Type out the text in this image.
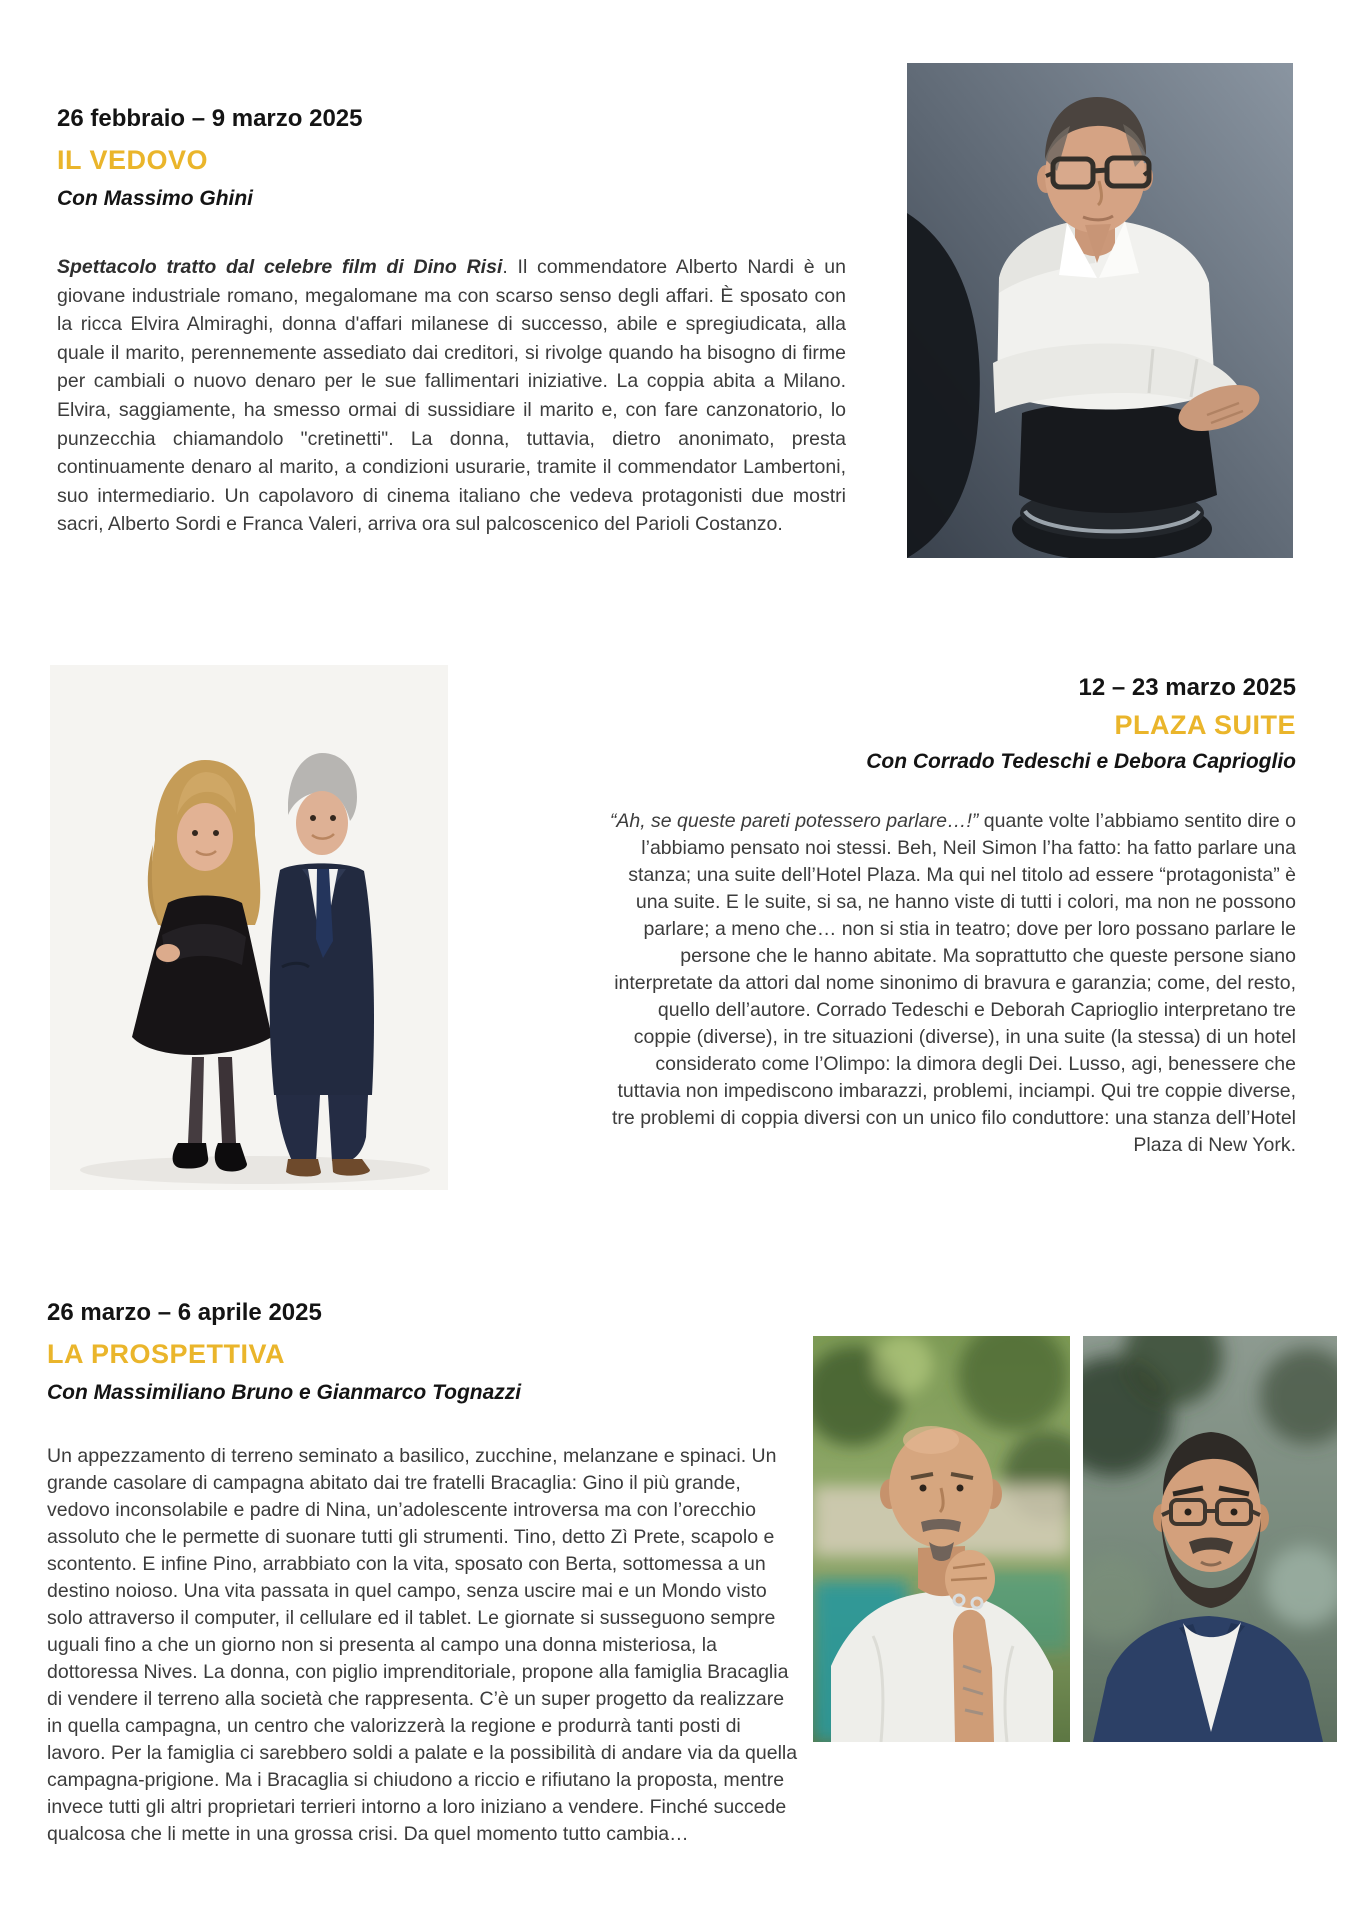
26 febbraio – 9 marzo 2025

IL VEDOVO

Con Massimo Ghini

Spettacolo tratto dal celebre film di Dino Risi. Il commendatore Alberto Nardi è un giovane industriale romano, megalomane ma con scarso senso degli affari. È sposato con la ricca Elvira Almiraghi, donna d'affari milanese di successo, abile e spregiudicata, alla quale il marito, perennemente assediato dai creditori, si rivolge quando ha bisogno di firme per cambiali o nuovo denaro per le sue fallimentari iniziative. La coppia abita a Milano. Elvira, saggiamente, ha smesso ormai di sussidiare il marito e, con fare canzonatorio, lo punzecchia chiamandolo "cretinetti". La donna, tuttavia, dietro anonimato, presta continuamente denaro al marito, a condizioni usurarie, tramite il commendator Lambertoni, suo intermediario. Un capolavoro di cinema italiano che vedeva protagonisti due mostri sacri, Alberto Sordi e Franca Valeri, arriva ora sul palcoscenico del Parioli Costanzo.

12 – 23 marzo 2025

PLAZA SUITE

Con Corrado Tedeschi e Debora Caprioglio

“Ah, se queste pareti potessero parlare…!” quante volte l’abbiamo sentito dire o l’abbiamo pensato noi stessi. Beh, Neil Simon l’ha fatto: ha fatto parlare una stanza; una suite dell’Hotel Plaza. Ma qui nel titolo ad essere “protagonista” è una suite. E le suite, si sa, ne hanno viste di tutti i colori, ma non ne possono parlare; a meno che… non si stia in teatro; dove per loro possano parlare le persone che le hanno abitate. Ma soprattutto che queste persone siano interpretate da attori dal nome sinonimo di bravura e garanzia; come, del resto, quello dell’autore. Corrado Tedeschi e Deborah Caprioglio interpretano tre coppie (diverse), in tre situazioni (diverse), in una suite (la stessa) di un hotel considerato come l’Olimpo: la dimora degli Dei. Lusso, agi, benessere che tuttavia non impediscono imbarazzi, problemi, inciampi. Qui tre coppie diverse, tre problemi di coppia diversi con un unico filo conduttore: una stanza dell’Hotel Plaza di New York.

26 marzo – 6 aprile 2025

LA PROSPETTIVA

Con Massimiliano Bruno e Gianmarco Tognazzi

Un appezzamento di terreno seminato a basilico, zucchine, melanzane e spinaci. Un grande casolare di campagna abitato dai tre fratelli Bracaglia: Gino il più grande, vedovo inconsolabile e padre di Nina, un’adolescente introversa ma con l’orecchio assoluto che le permette di suonare tutti gli strumenti. Tino, detto Zì Prete, scapolo e scontento. E infine Pino, arrabbiato con la vita, sposato con Berta, sottomessa a un destino noioso. Una vita passata in quel campo, senza uscire mai e un Mondo visto solo attraverso il computer, il cellulare ed il tablet. Le giornate si susseguono sempre uguali fino a che un giorno non si presenta al campo una donna misteriosa, la dottoressa Nives. La donna, con piglio imprenditoriale, propone alla famiglia Bracaglia di vendere il terreno alla società che rappresenta. C’è un super progetto da realizzare in quella campagna, un centro che valorizzerà la regione e produrrà tanti posti di lavoro. Per la famiglia ci sarebbero soldi a palate e la possibilità di andare via da quella campagna-prigione. Ma i Bracaglia si chiudono a riccio e rifiutano la proposta, mentre invece tutti gli altri proprietari terrieri intorno a loro iniziano a vendere. Finché succede qualcosa che li mette in una grossa crisi. Da quel momento tutto cambia…
